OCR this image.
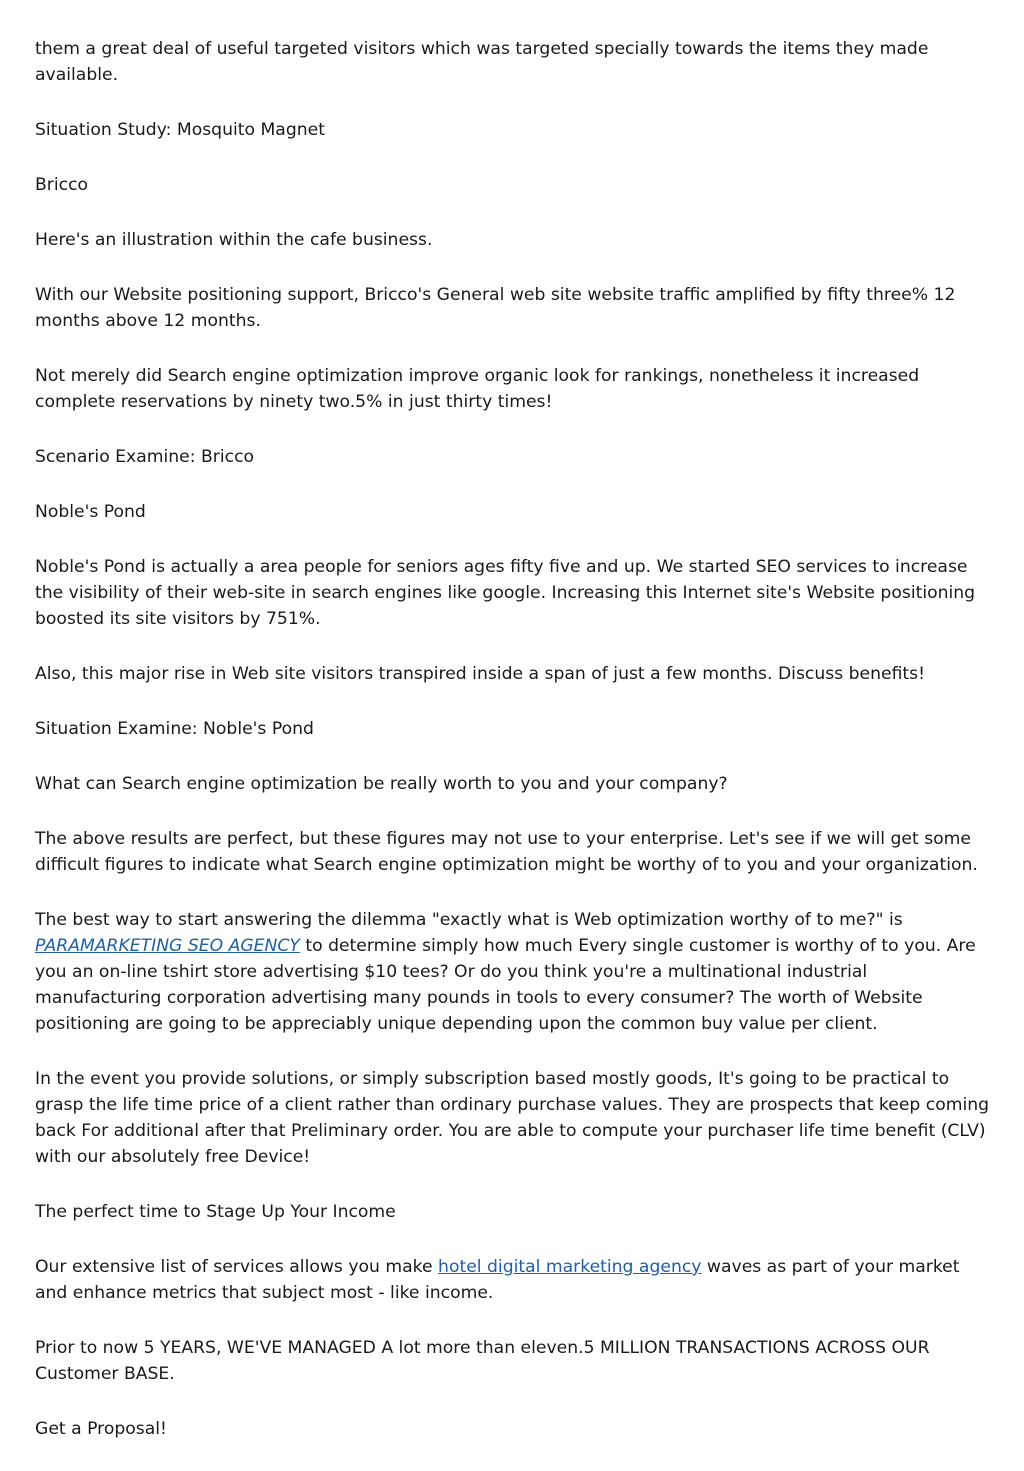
them a great deal of useful targeted visitors which was targeted specially towards the items they made available.

Situation Study: Mosquito Magnet

Bricco

Here's an illustration within the cafe business.

With our Website positioning support, Bricco's General web site website traffic amplified by fifty three% 12 months above 12 months.

Not merely did Search engine optimization improve organic look for rankings, nonetheless it increased complete reservations by ninety two.5% in just thirty times!

Scenario Examine: Bricco

Noble's Pond

Noble's Pond is actually a area people for seniors ages fifty five and up. We started SEO services to increase the visibility of their web-site in search engines like google. Increasing this Internet site's Website positioning boosted its site visitors by 751%.

Also, this major rise in Web site visitors transpired inside a span of just a few months. Discuss benefits!

Situation Examine: Noble's Pond

What can Search engine optimization be really worth to you and your company?

The above results are perfect, but these figures may not use to your enterprise. Let's see if we will get some difficult figures to indicate what Search engine optimization might be worthy of to you and your organization.

The best way to start answering the dilemma "exactly what is Web optimization worthy of to me?" is PARAMARKETING SEO AGENCY to determine simply how much Every single customer is worthy of to you. Are you an on-line tshirt store advertising $10 tees? Or do you think you're a multinational industrial manufacturing corporation advertising many pounds in tools to every consumer? The worth of Website positioning are going to be appreciably unique depending upon the common buy value per client.

In the event you provide solutions, or simply subscription based mostly goods, It's going to be practical to grasp the life time price of a client rather than ordinary purchase values. They are prospects that keep coming back For additional after that Preliminary order. You are able to compute your purchaser life time benefit (CLV) with our absolutely free Device!

The perfect time to Stage Up Your Income

Our extensive list of services allows you make hotel digital marketing agency waves as part of your market and enhance metrics that subject most - like income.

Prior to now 5 YEARS, WE'VE MANAGED A lot more than eleven.5 MILLION TRANSACTIONS ACROSS OUR Customer BASE.

Get a Proposal!
